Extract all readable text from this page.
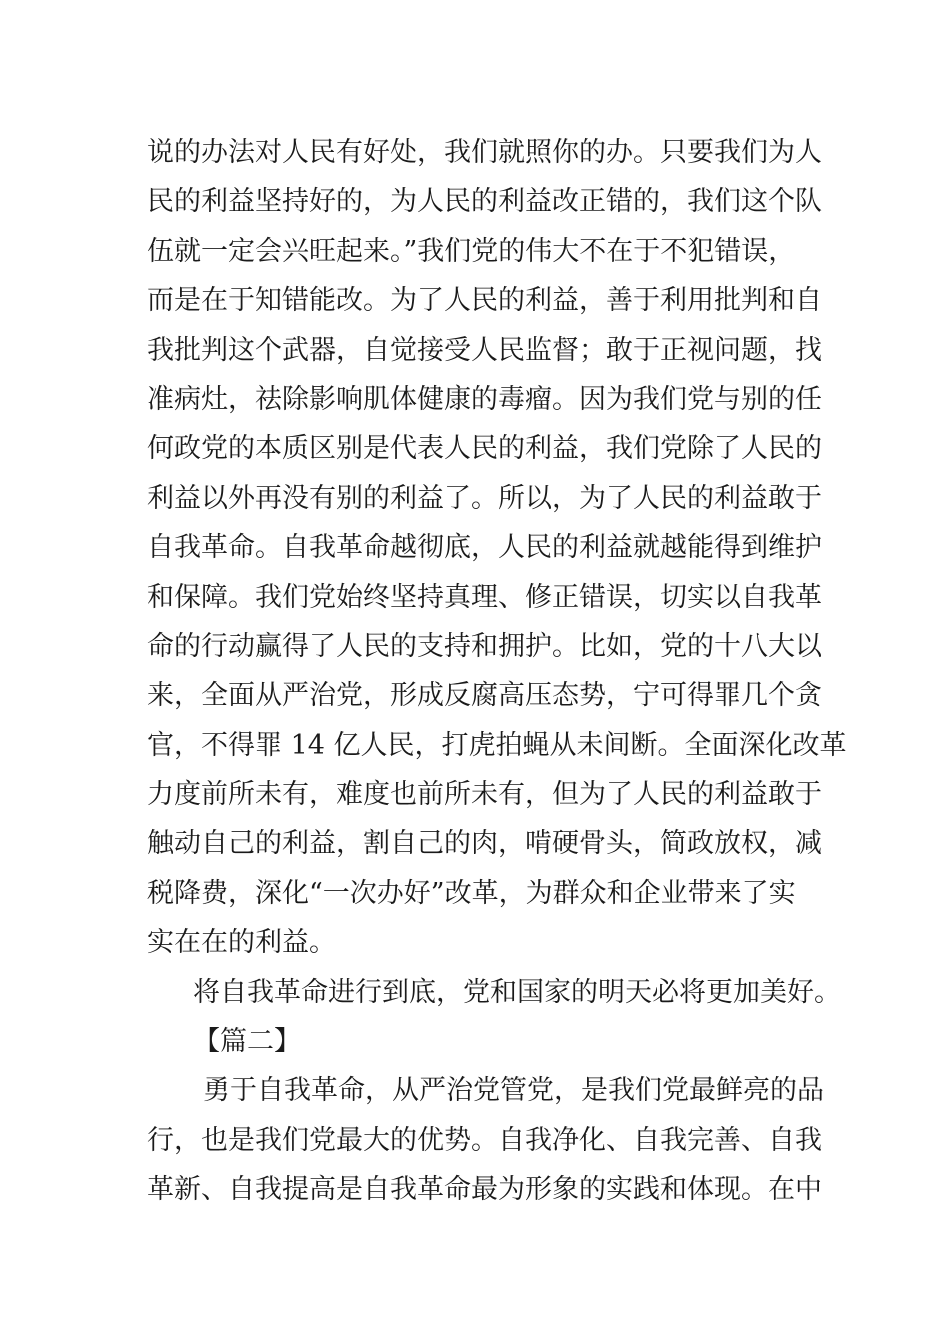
说的办法对人民有好处，我们就照你的办。只要我们为人
民的利益坚持好的，为人民的利益改正错的，我们这个队
伍就一定会兴旺起来。”我们党的伟大不在于不犯错误，
而是在于知错能改。为了人民的利益，善于利用批判和自
我批判这个武器，自觉接受人民监督；敢于正视问题，找
准病灶，祛除影响肌体健康的毒瘤。因为我们党与别的任
何政党的本质区别是代表人民的利益，我们党除了人民的
利益以外再没有别的利益了。所以，为了人民的利益敢于
自我革命。自我革命越彻底，人民的利益就越能得到维护
和保障。我们党始终坚持真理、修正错误，切实以自我革
命的行动赢得了人民的支持和拥护。比如，党的十八大以
来，全面从严治党，形成反腐高压态势，宁可得罪几个贪
官，不得罪 14 亿人民，打虎拍蝇从未间断。全面深化改革
力度前所未有，难度也前所未有，但为了人民的利益敢于
触动自己的利益，割自己的肉，啃硬骨头，简政放权，减
税降费，深化“一次办好”改革，为群众和企业带来了实
实在在的利益。
将自我革命进行到底，党和国家的明天必将更加美好。
【篇二】
勇于自我革命，从严治党管党，是我们党最鲜亮的品
行，也是我们党最大的优势。自我净化、自我完善、自我
革新、自我提高是自我革命最为形象的实践和体现。在中
